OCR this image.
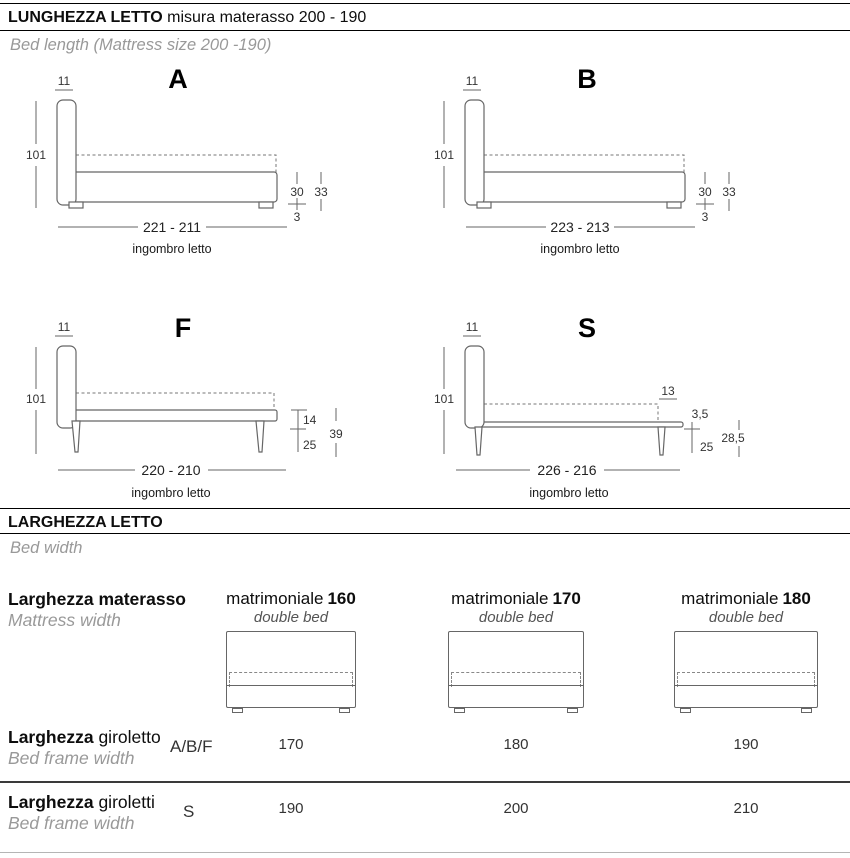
LUNGHEZZA LETTO misura materasso 200 - 190
Bed length (Mattress size 200 -190)
A
11
101
30
3
33
221 - 211
ingombro letto
B
11
101
30
3
33
223 - 213
ingombro letto
F
11
101
14
25
39
220 - 210
ingombro letto
S
11
101
13
3,5
25
28,5
226 - 216
ingombro letto
LARGHEZZA LETTO
Bed width
Larghezza materasso
Mattress width
matrimoniale 160
double bed
matrimoniale 170
double bed
matrimoniale 180
double bed
Larghezza giroletto
Bed frame width
A/B/F	170	180	190
Larghezza giroletti
Bed frame width
S	190	200	210
